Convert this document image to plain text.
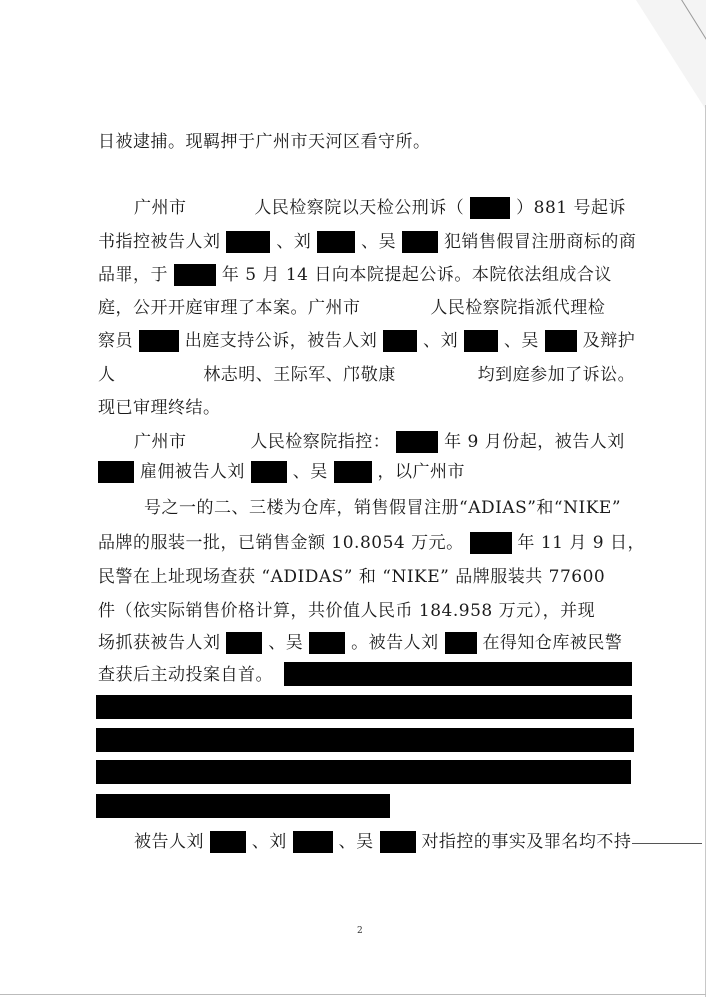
日被逮捕。现羁押于广州市天河区看守所。
广州市	人民检察院以天检公刑诉（	）881 号起诉
书指控被告人刘	、刘	、吴	犯销售假冒注册商标的商
品罪，于	年 5 月 14 日向本院提起公诉。本院依法组成合议
庭，公开开庭审理了本案。广州市	人民检察院指派代理检
察员	出庭支持公诉，被告人刘	、刘	、吴	及辩护
人	林志明、王际军、邝敬康	均到庭参加了诉讼。
现已审理终结。
广州市	人民检察院指控：	年 9 月份起，被告人刘
雇佣被告人刘	、吴	，以广州市
号之一的二、三楼为仓库，销售假冒注册“ADIAS”和“NIKE”
品牌的服装一批，已销售金额 10.8054 万元。	年 11 月 9 日，
民警在上址现场查获 “ADIDAS” 和 “NIKE” 品牌服装共 77600
件（依实际销售价格计算，共价值人民币 184.958 万元），并现
场抓获被告人刘	、吴	。被告人刘	在得知仓库被民警
查获后主动投案自首。
被告人刘	、刘	、吴	对指控的事实及罪名均不持
2
